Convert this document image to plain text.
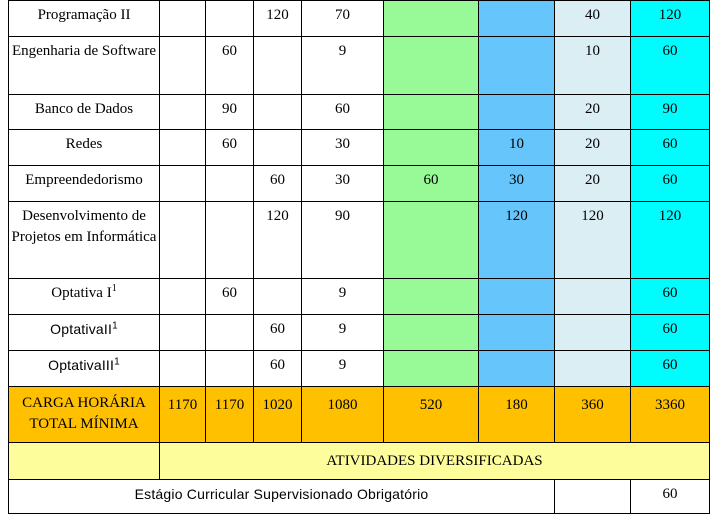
Programação II			120	70			40	120
Engenharia de Software		60		9			10	60
Banco de Dados		90		60			20	90
Redes		60		30		10	20	60
Empreendedorismo			60	30	60	30	20	60
Desenvolvimento de Projetos em Informática			120	90		120	120	120
Optativa $I^1$		60		9				60
OptativaII$^1$			60	9				60
OptativaIII$^1$			60	9				60
CARGA HORÁRIA TOTAL MÍNIMA	1170	1170	1020	1080	520	180	360	3360
	ATIVIDADES DIVERSIFICADAS							
Estágio Curricular Supervisionado Obrigatório								60
